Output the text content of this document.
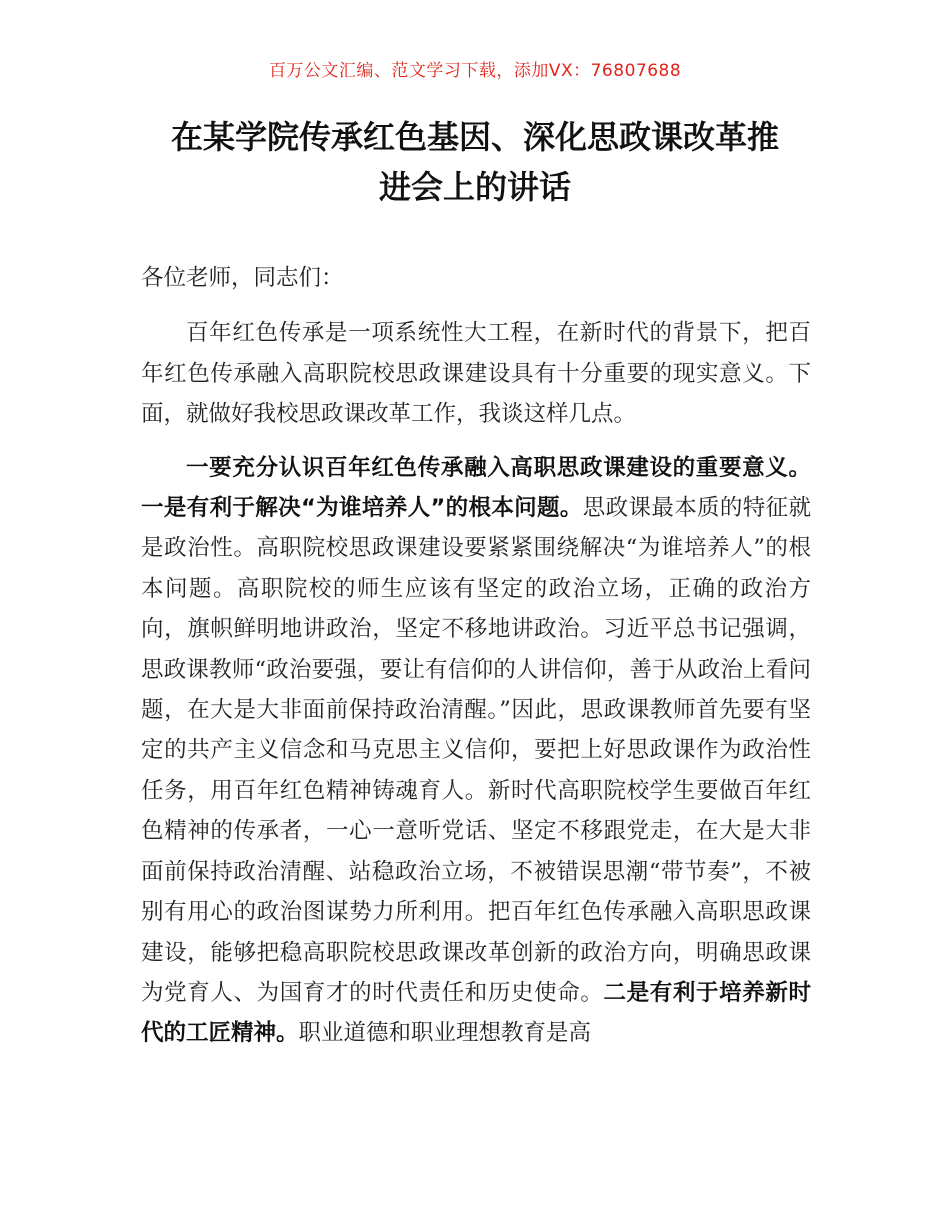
百万公文汇编、范文学习下载，添加VX：76807688
在某学院传承红色基因、深化思政课改革推
进会上的讲话

各位老师，同志们：

百年红色传承是一项系统性大工程，在新时代的背景下，把百年红色传承融入高职院校思政课建设具有十分重要的现实意义。下面，就做好我校思政课改革工作，我谈这样几点。

一要充分认识百年红色传承融入高职思政课建设的重要意义。一是有利于解决“为谁培养人”的根本问题。思政课最本质的特征就是政治性。高职院校思政课建设要紧紧围绕解决“为谁培养人”的根本问题。高职院校的师生应该有坚定的政治立场，正确的政治方向，旗帜鲜明地讲政治，坚定不移地讲政治。习近平总书记强调，思政课教师“政治要强，要让有信仰的人讲信仰，善于从政治上看问题，在大是大非面前保持政治清醒。”因此，思政课教师首先要有坚定的共产主义信念和马克思主义信仰，要把上好思政课作为政治性任务，用百年红色精神铸魂育人。新时代高职院校学生要做百年红色精神的传承者，一心一意听党话、坚定不移跟党走，在大是大非面前保持政治清醒、站稳政治立场，不被错误思潮“带节奏”，不被别有用心的政治图谋势力所利用。把百年红色传承融入高职思政课建设，能够把稳高职院校思政课改革创新的政治方向，明确思政课为党育人、为国育才的时代责任和历史使命。二是有利于培养新时代的工匠精神。职业道德和职业理想教育是高
